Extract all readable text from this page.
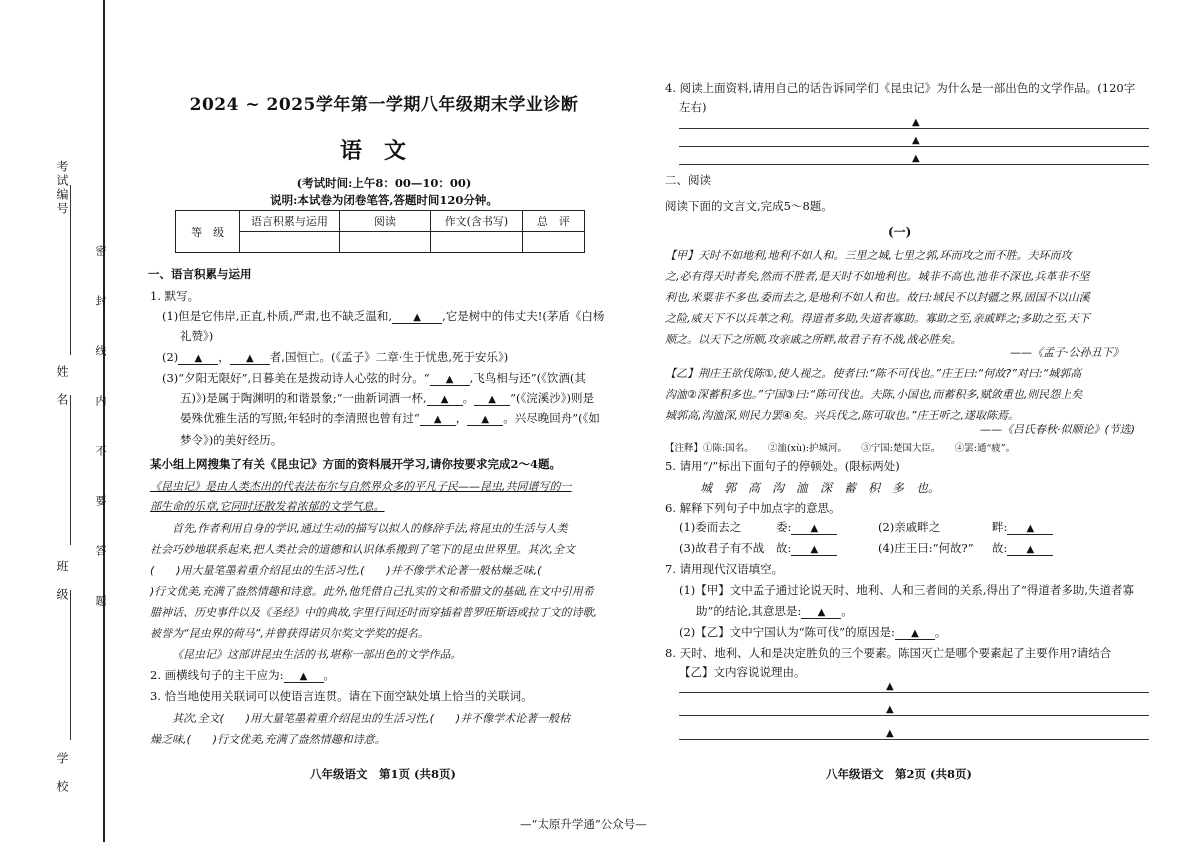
考试编号
姓　名
班　级
学　校
密　封　线　内　不　要　答　题
2024 ~ 2025学年第一学期八年级期末学业诊断
语文
(考试时间:上午8：00—10：00)
说明:本试卷为闭卷笔答,答题时间120分钟。
等　级	语言积累与运用	阅读	作文(含书写)	总　评

一、语言积累与运用
1. 默写。
(1)但是它伟岸,正直,朴质,严肃,也不缺乏温和, ▲ ,它是树中的伟丈夫!(茅盾《白杨
礼赞》)
(2) ▲ ， ▲ 者,国恒亡。(《孟子》二章·生于忧患,死于安乐》)
(3)“夕阳无限好”,日暮美在是拨动诗人心弦的时分。“ ▲ ,飞鸟相与还”(《饮酒(其
五)》)是属于陶渊明的和谐景象;“一曲新词酒一杯, ▲ 。 ▲ ”(《浣溪沙》)则是
晏殊优雅生活的写照;年轻时的李清照也曾有过“ ▲ ， ▲ 。兴尽晚回舟”(《如
梦令》)的美好经历。
某小组上网搜集了有关《昆虫记》方面的资料展开学习,请你按要求完成2～4题。
《昆虫记》是由人类杰出的代表法布尔与自然界众多的平凡子民——昆虫,共同谱写的一
部生命的乐章,它同时还散发着浓郁的文学气息。
首先,作者利用自身的学识,通过生动的描写以拟人的修辞手法,将昆虫的生活与人类
社会巧妙地联系起来,把人类社会的道德和认识体系搬到了笔下的昆虫世界里。其次,全文
(　　)用大量笔墨着重介绍昆虫的生活习性,(　　)并不像学术论著一般枯燥乏味,(
)行文优美,充满了盎然情趣和诗意。此外,他凭借自己扎实的文和希腊文的基础,在文中引用希
腊神话、历史事件以及《圣经》中的典故,字里行间还时而穿插着普罗旺斯语或拉丁文的诗歌,
被誉为“昆虫界的荷马”,并曾获得诺贝尔奖文学奖的提名。
《昆虫记》这部讲昆虫生活的书,堪称一部出色的文学作品。
2. 画横线句子的主干应为: ▲ 。
3. 恰当地使用关联词可以使语言连贯。请在下面空缺处填上恰当的关联词。
其次,全文(　　)用大量笔墨着重介绍昆虫的生活习性,(　　)并不像学术论著一般枯
燥乏味,(　　)行文优美,充满了盎然情趣和诗意。
八年级语文　第1页 (共8页)
4. 阅读上面资料,请用自己的话告诉同学们《昆虫记》为什么是一部出色的文学作品。(120字
左右)
▲
▲
▲
二、阅读
阅读下面的文言文,完成5～8题。
(一)
【甲】天时不如地利,地利不如人和。三里之城,七里之郭,环而攻之而不胜。夫环而攻
之,必有得天时者矣,然而不胜者,是天时不如地利也。城非不高也,池非不深也,兵革非不坚
利也,米粟非不多也,委而去之,是地利不如人和也。故曰:域民不以封疆之界,固国不以山溪
之险,威天下不以兵革之利。得道者多助,失道者寡助。寡助之至,亲戚畔之;多助之至,天下
顺之。以天下之所顺,攻亲戚之所畔,故君子有不战,战必胜矣。
——《孟子·公孙丑下》
【乙】荆庄王欲伐陈①,使人视之。使者曰:“陈不可伐也。”庄王曰:“何故?”对曰:“城郭高
沟洫②深蓄积多也。”宁国③曰:“陈可伐也。夫陈,小国也,而蓄积多,赋敛重也,则民怨上矣
城郭高,沟洫深,则民力罢④矣。兴兵伐之,陈可取也。”庄王听之,遂取陈焉。
——《吕氏春秋·似顺论》(节选)
【注释】①陈:国名。　　②洫(xù):护城河。　　③宁国:楚国大臣。　　④罢:通“疲”。
5. 请用“/”标出下面句子的停顿处。(限标两处)
城　郭　高　沟　洫　深　蓄　积　多　也。
6. 解释下列句子中加点字的意思。
(1)委而去之	委: ▲	(2)亲戚畔之	畔: ▲
(3)故君子有不战 故: ▲	(4)庄王曰:“何故?” 故: ▲
7. 请用现代汉语填空。
(1)【甲】文中孟子通过论说天时、地利、人和三者间的关系,得出了“得道者多助,失道者寡
助”的结论,其意思是: ▲ 。
(2)【乙】文中宁国认为“陈可伐”的原因是: ▲ 。
8. 天时、地利、人和是决定胜负的三个要素。陈国灭亡是哪个要素起了主要作用?请结合
【乙】文内容说说理由。
▲
▲
▲
八年级语文　第2页 (共8页)
—“太原升学通”公众号—
